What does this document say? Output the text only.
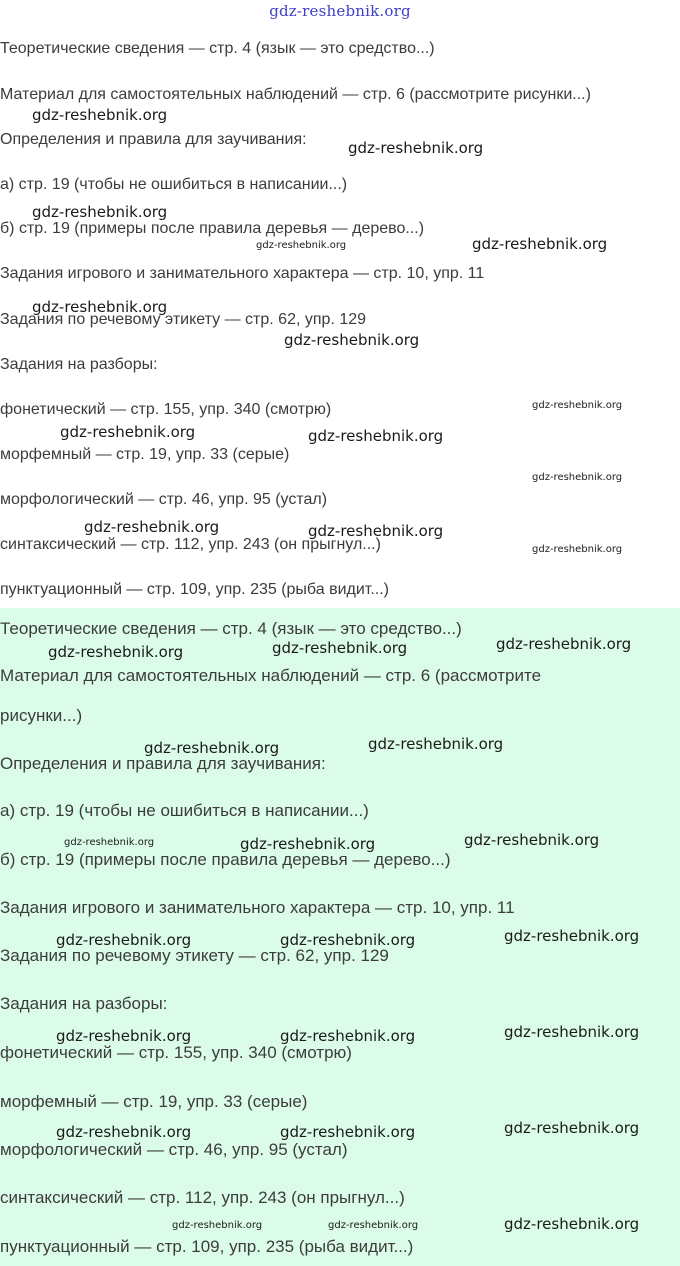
gdz-reshebnik.org
Теоретические сведения — стр. 4 (язык — это средство...)
Материал для самостоятельных наблюдений — стр. 6 (рассмотрите рисунки...)
Определения и правила для заучивания:
а) стр. 19 (чтобы не ошибиться в написании...)
б) стр. 19 (примеры после правила деревья — дерево...)
Задания игрового и занимательного характера — стр. 10, упр. 11
Задания по речевому этикету — стр. 62, упр. 129
Задания на разборы:
фонетический — стр. 155, упр. 340 (смотрю)
морфемный — стр. 19, упр. 33 (серые)
морфологический — стр. 46, упр. 95 (устал)
синтаксический — стр. 112, упр. 243 (он прыгнул...)
пунктуационный — стр. 109, упр. 235 (рыба видит...)
Теоретические сведения — стр. 4 (язык — это средство...)
Материал для самостоятельных наблюдений — стр. 6 (рассмотрите
рисунки...)
Определения и правила для заучивания:
а) стр. 19 (чтобы не ошибиться в написании...)
б) стр. 19 (примеры после правила деревья — дерево...)
Задания игрового и занимательного характера — стр. 10, упр. 11
Задания по речевому этикету — стр. 62, упр. 129
Задания на разборы:
фонетический — стр. 155, упр. 340 (смотрю)
морфемный — стр. 19, упр. 33 (серые)
морфологический — стр. 46, упр. 95 (устал)
синтаксический — стр. 112, упр. 243 (он прыгнул...)
пунктуационный — стр. 109, упр. 235 (рыба видит...)
gdz-reshebnik.org
gdz-reshebnik.org
gdz-reshebnik.org
gdz-reshebnik.org	gdz-reshebnik.org
gdz-reshebnik.org
gdz-reshebnik.org
gdz-reshebnik.org
gdz-reshebnik.org	gdz-reshebnik.org
gdz-reshebnik.org
gdz-reshebnik.org	gdz-reshebnik.org
gdz-reshebnik.org
gdz-reshebnik.org
gdz-reshebnik.org	gdz-reshebnik.org
gdz-reshebnik.org	gdz-reshebnik.org
gdz-reshebnik.org	gdz-reshebnik.org	gdz-reshebnik.org
gdz-reshebnik.org	gdz-reshebnik.org	gdz-reshebnik.org
gdz-reshebnik.org	gdz-reshebnik.org	gdz-reshebnik.org
gdz-reshebnik.org	gdz-reshebnik.org	gdz-reshebnik.org
gdz-reshebnik.org	gdz-reshebnik.org	gdz-reshebnik.org
